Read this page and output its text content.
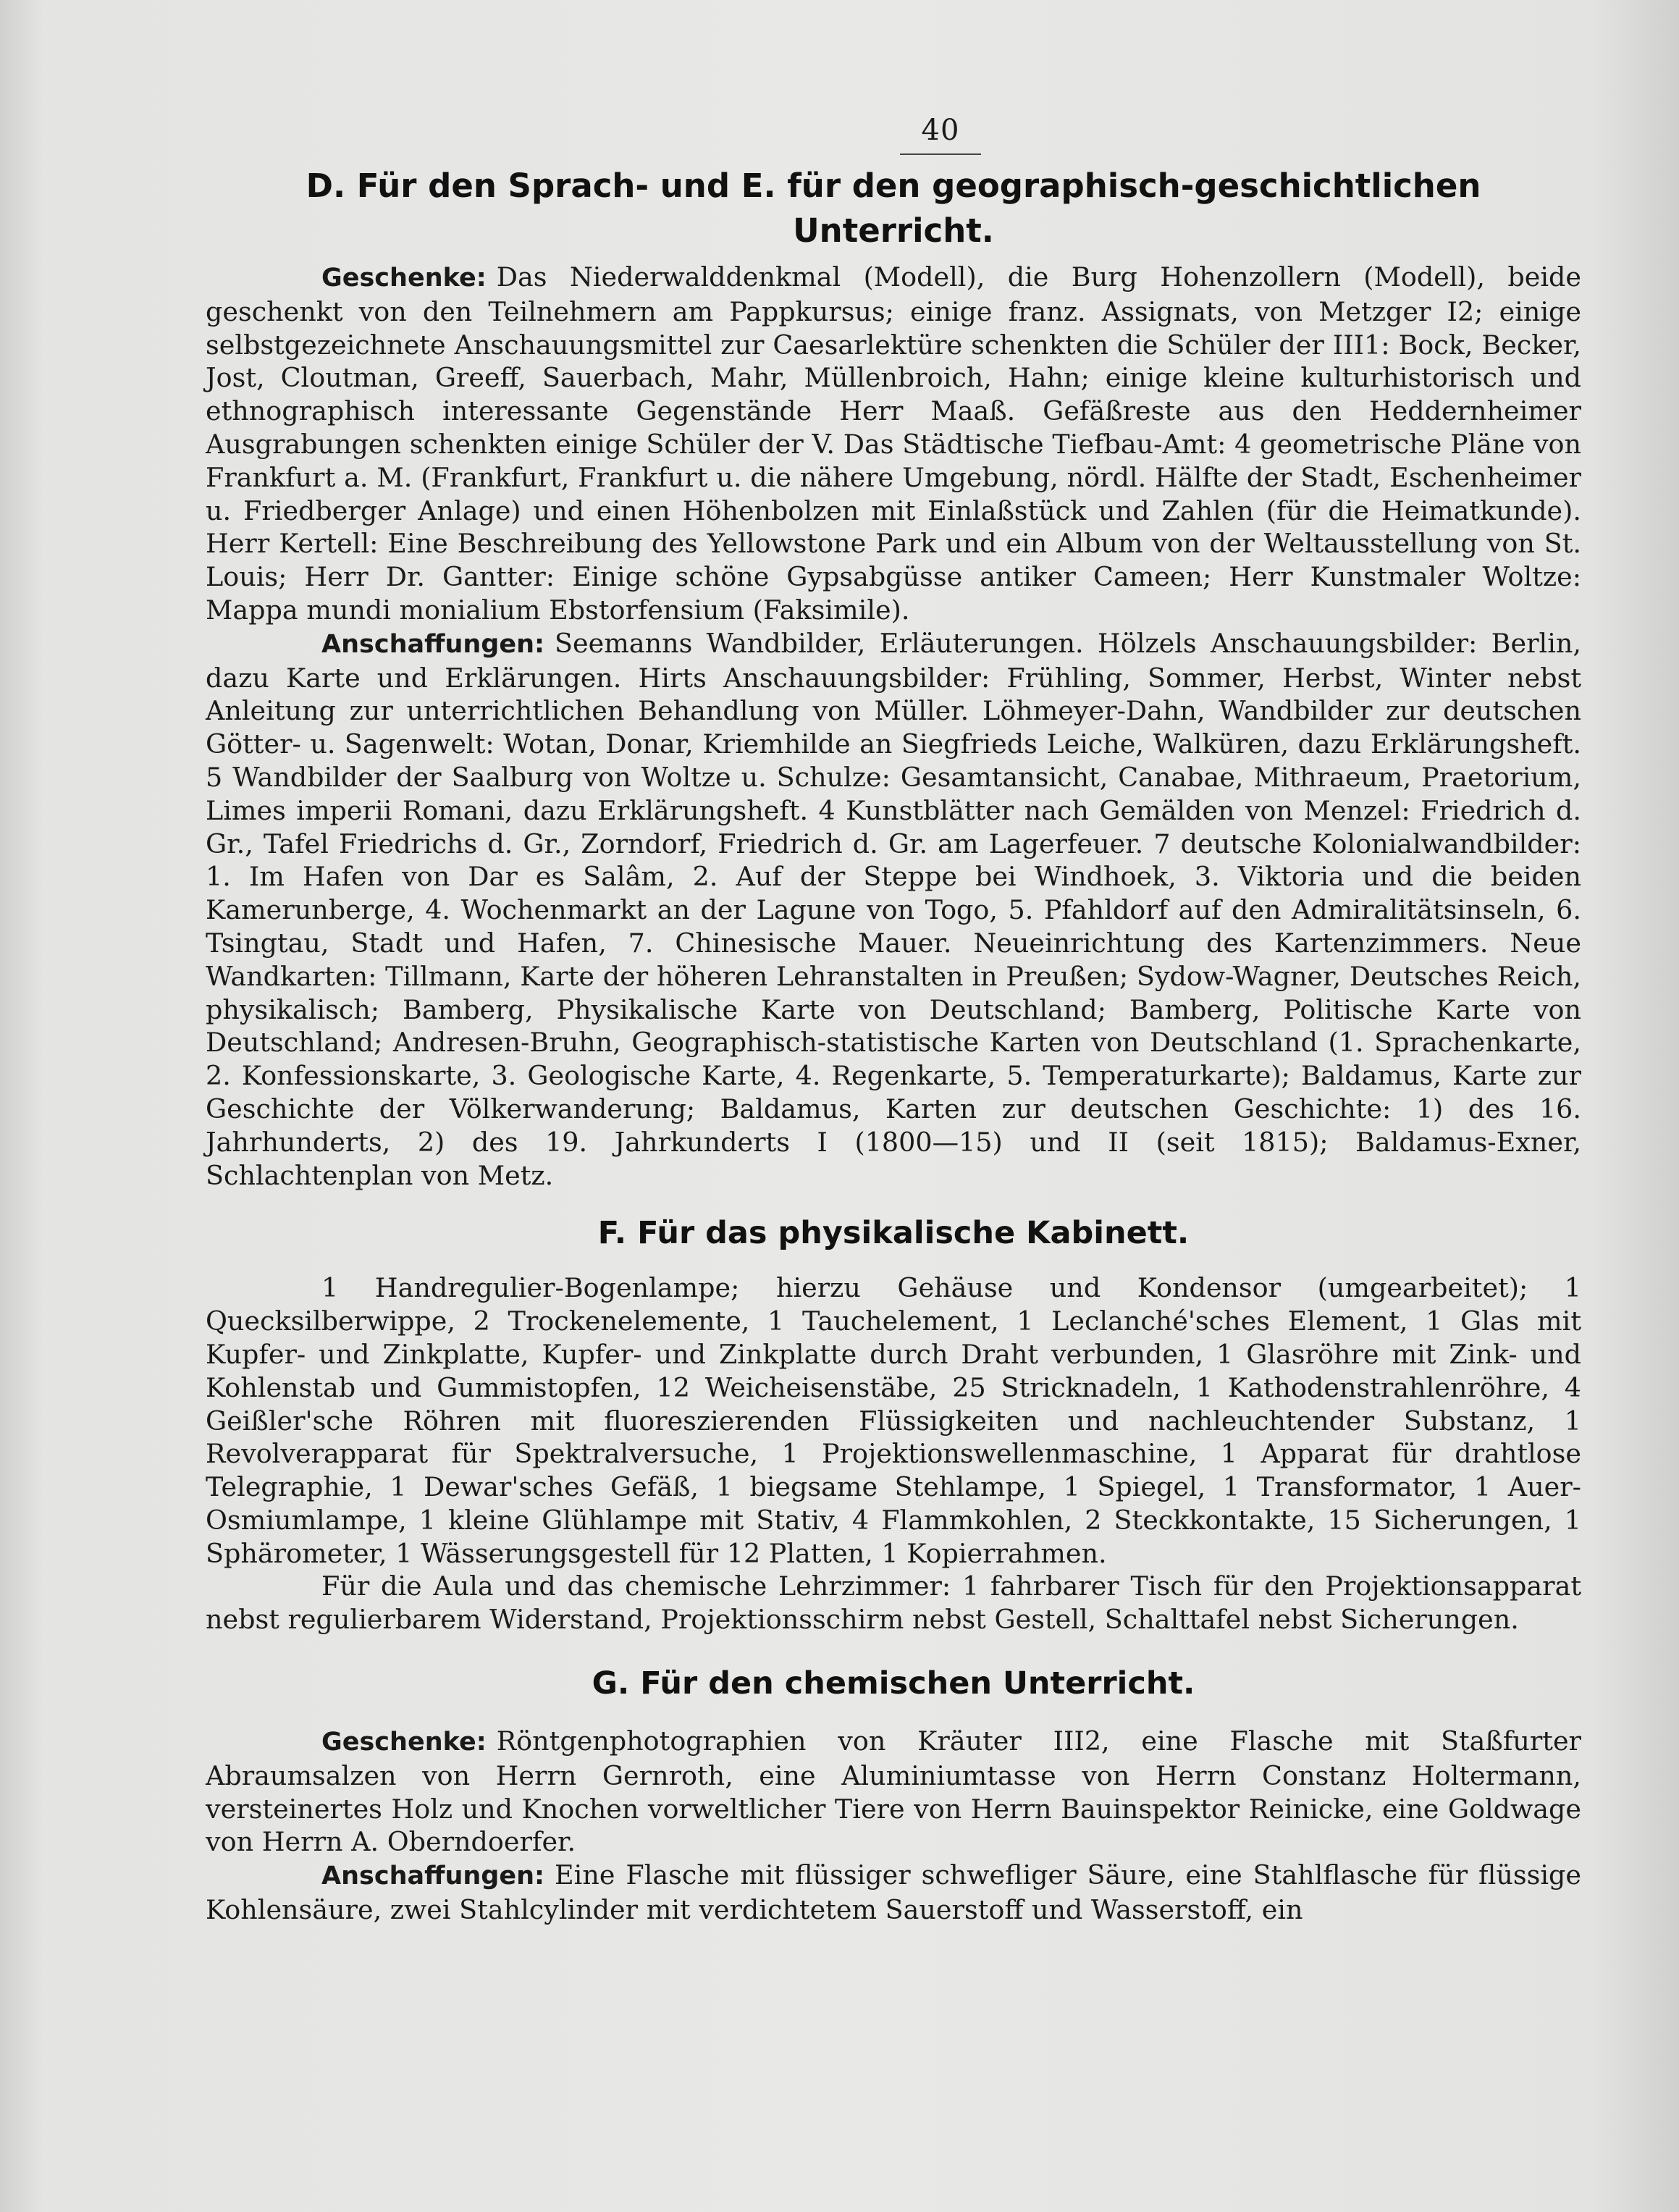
40
D. Für den Sprach- und E. für den geographisch-geschichtlichen Unterricht.

Geschenke: Das Niederwalddenkmal (Modell), die Burg Hohenzollern (Modell), beide geschenkt von den Teilnehmern am Pappkursus; einige franz. Assignats, von Metzger I2; einige selbstgezeichnete Anschauungsmittel zur Caesarlektüre schenkten die Schüler der III1: Bock, Becker, Jost, Cloutman, Greeff, Sauerbach, Mahr, Müllenbroich, Hahn; einige kleine kulturhistorisch und ethnographisch interessante Gegenstände Herr Maaß. Gefäßreste aus den Heddernheimer Ausgrabungen schenkten einige Schüler der V. Das Städtische Tiefbau-Amt: 4 geometrische Pläne von Frankfurt a. M. (Frankfurt, Frankfurt u. die nähere Umgebung, nördl. Hälfte der Stadt, Eschenheimer u. Friedberger Anlage) und einen Höhenbolzen mit Einlaßstück und Zahlen (für die Heimatkunde). Herr Kertell: Eine Beschreibung des Yellowstone Park und ein Album von der Weltausstellung von St. Louis; Herr Dr. Gantter: Einige schöne Gypsabgüsse antiker Cameen; Herr Kunstmaler Woltze: Mappa mundi monialium Ebstorfensium (Faksimile).

Anschaffungen: Seemanns Wandbilder, Erläuterungen. Hölzels Anschauungsbilder: Berlin, dazu Karte und Erklärungen. Hirts Anschauungsbilder: Frühling, Sommer, Herbst, Winter nebst Anleitung zur unterrichtlichen Behandlung von Müller. Löhmeyer-Dahn, Wandbilder zur deutschen Götter- u. Sagenwelt: Wotan, Donar, Kriemhilde an Siegfrieds Leiche, Walküren, dazu Erklärungsheft. 5 Wandbilder der Saalburg von Woltze u. Schulze: Gesamtansicht, Canabae, Mithraeum, Praetorium, Limes imperii Romani, dazu Erklärungsheft. 4 Kunstblätter nach Gemälden von Menzel: Friedrich d. Gr., Tafel Friedrichs d. Gr., Zorndorf, Friedrich d. Gr. am Lagerfeuer. 7 deutsche Kolonialwandbilder: 1. Im Hafen von Dar es Salâm, 2. Auf der Steppe bei Windhoek, 3. Viktoria und die beiden Kamerunberge, 4. Wochenmarkt an der Lagune von Togo, 5. Pfahldorf auf den Admiralitätsinseln, 6. Tsingtau, Stadt und Hafen, 7. Chinesische Mauer. Neueinrichtung des Kartenzimmers. Neue Wandkarten: Tillmann, Karte der höheren Lehranstalten in Preußen; Sydow-Wagner, Deutsches Reich, physikalisch; Bamberg, Physikalische Karte von Deutschland; Bamberg, Politische Karte von Deutschland; Andresen-Bruhn, Geographisch-statistische Karten von Deutschland (1. Sprachenkarte, 2. Konfessionskarte, 3. Geologische Karte, 4. Regenkarte, 5. Temperaturkarte); Baldamus, Karte zur Geschichte der Völkerwanderung; Baldamus, Karten zur deutschen Geschichte: 1) des 16. Jahrhunderts, 2) des 19. Jahrkunderts I (1800—15) und II (seit 1815); Baldamus-Exner, Schlachtenplan von Metz.

F. Für das physikalische Kabinett.

1 Handregulier-Bogenlampe; hierzu Gehäuse und Kondensor (umgearbeitet); 1 Quecksilberwippe, 2 Trockenelemente, 1 Tauchelement, 1 Leclanché'sches Element, 1 Glas mit Kupfer- und Zinkplatte, Kupfer- und Zinkplatte durch Draht verbunden, 1 Glasröhre mit Zink- und Kohlenstab und Gummistopfen, 12 Weicheisenstäbe, 25 Stricknadeln, 1 Kathodenstrahlenröhre, 4 Geißler'sche Röhren mit fluoreszierenden Flüssigkeiten und nachleuchtender Substanz, 1 Revolverapparat für Spektralversuche, 1 Projektionswellenmaschine, 1 Apparat für drahtlose Telegraphie, 1 Dewar'sches Gefäß, 1 biegsame Stehlampe, 1 Spiegel, 1 Transformator, 1 Auer-Osmiumlampe, 1 kleine Glühlampe mit Stativ, 4 Flammkohlen, 2 Steckkontakte, 15 Sicherungen, 1 Sphärometer, 1 Wässerungsgestell für 12 Platten, 1 Kopierrahmen.

Für die Aula und das chemische Lehrzimmer: 1 fahrbarer Tisch für den Projektionsapparat nebst regulierbarem Widerstand, Projektionsschirm nebst Gestell, Schalttafel nebst Sicherungen.

G. Für den chemischen Unterricht.

Geschenke: Röntgenphotographien von Kräuter III2, eine Flasche mit Staßfurter Abraumsalzen von Herrn Gernroth, eine Aluminiumtasse von Herrn Constanz Holtermann, versteinertes Holz und Knochen vorweltlicher Tiere von Herrn Bauinspektor Reinicke, eine Goldwage von Herrn A. Oberndoerfer.

Anschaffungen: Eine Flasche mit flüssiger schwefliger Säure, eine Stahlflasche für flüssige Kohlensäure, zwei Stahlcylinder mit verdichtetem Sauerstoff und Wasserstoff, ein
